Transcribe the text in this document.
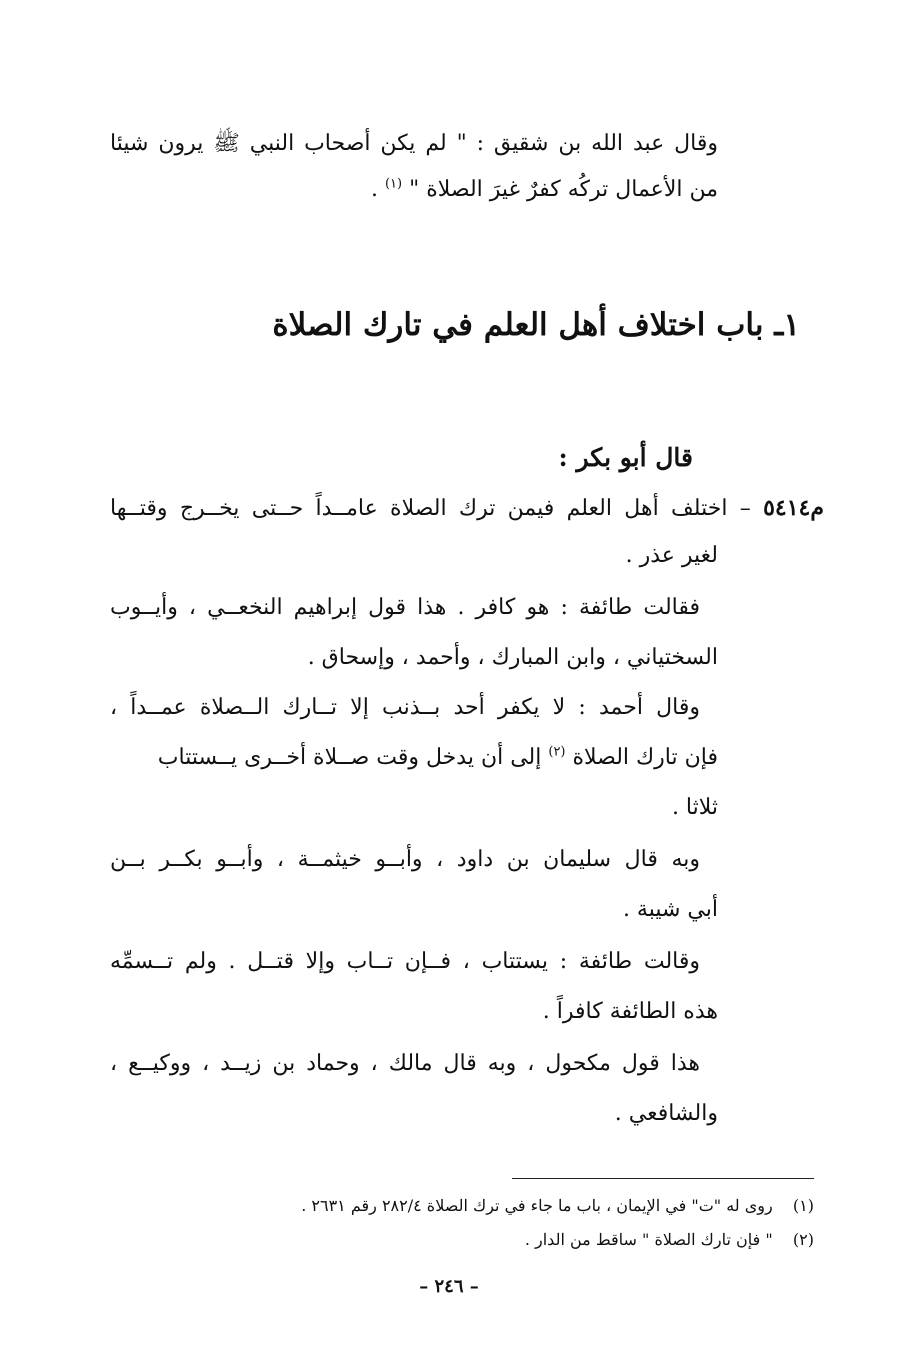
وقال عبد الله بن شقيق : " لم يكن أصحاب النبي ﷺ يرون شيئا
من الأعمال تركُه كفرٌ غيرَ الصلاة " $^{(١)}$ .
١ـ باب اختلاف أهل العلم في تارك الصلاة
قال أبو بكر :
م٥٤١٤ – اختلف أهل العلم فيمن ترك الصلاة عامــداً حــتى يخــرج وقتــها
لغير عذر .
فقالت طائفة : هو كافر . هذا قول إبراهيم النخعــي ، وأيــوب
السختياني ، وابن المبارك ، وأحمد ، وإسحاق .
وقال أحمد : لا يكفر أحد بــذنب إلا تــارك الــصلاة عمــداً ،
فإن تارك الصلاة $^{(٢)}$ إلى أن يدخل وقت صــلاة أخــرى يــستتاب
ثلاثا .
وبه قال سليمان بن داود ، وأبــو خيثمــة ، وأبــو بكــر بــن
أبي شيبة .
وقالت طائفة : يستتاب ، فــإن تــاب وإلا قتــل . ولم تــسمِّه
هذه الطائفة كافراً .
هذا قول مكحول ، وبه قال مالك ، وحماد بن زيــد ، ووكيــع ،
والشافعي .
(١)  روى له "ت" في الإيمان ، باب ما جاء في ترك الصلاة ٢٨٢/٤ رقم ٢٦٣١ .
(٢)  " فإن تارك الصلاة " ساقط من الدار .
– ٢٤٦ –
